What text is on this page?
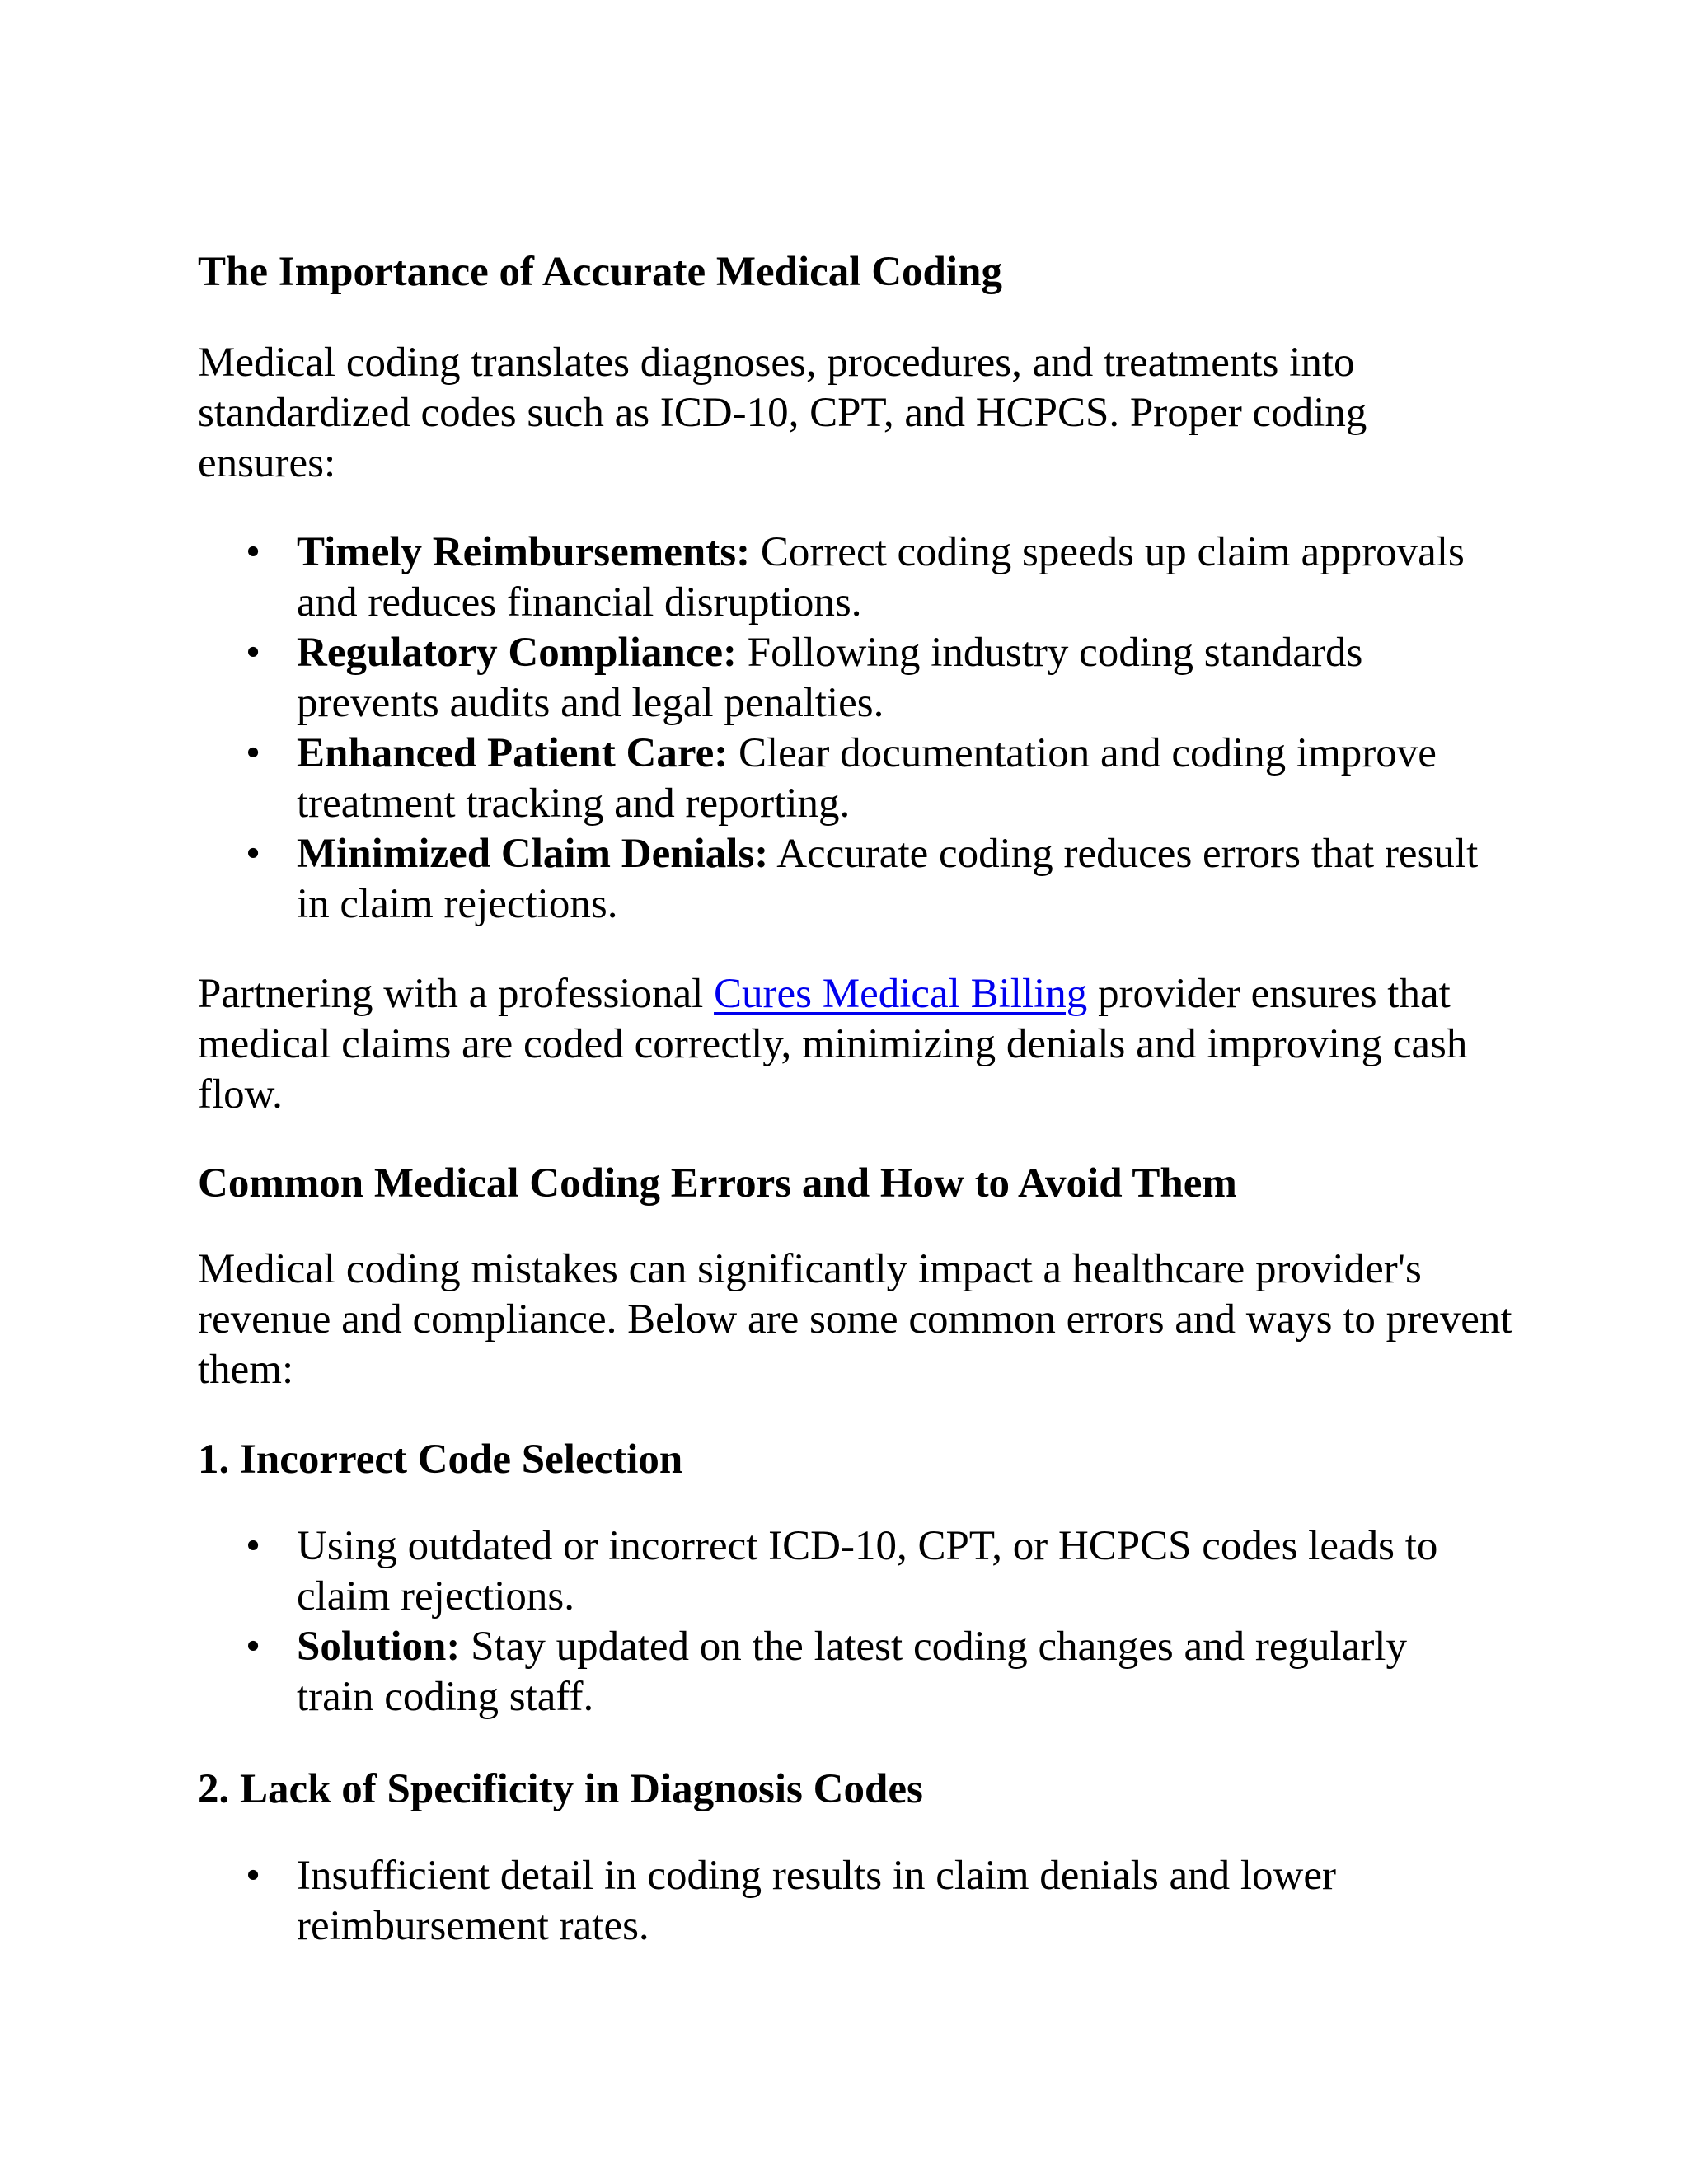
The Importance of Accurate Medical Coding

Medical coding translates diagnoses, procedures, and treatments into standardized codes such as ICD-10, CPT, and HCPCS. Proper coding ensures:

• Timely Reimbursements: Correct coding speeds up claim approvals and reduces financial disruptions.
• Regulatory Compliance: Following industry coding standards prevents audits and legal penalties.
• Enhanced Patient Care: Clear documentation and coding improve treatment tracking and reporting.
• Minimized Claim Denials: Accurate coding reduces errors that result in claim rejections.

Partnering with a professional Cures Medical Billing provider ensures that medical claims are coded correctly, minimizing denials and improving cash flow.

Common Medical Coding Errors and How to Avoid Them

Medical coding mistakes can significantly impact a healthcare provider's revenue and compliance. Below are some common errors and ways to prevent them:

1. Incorrect Code Selection
• Using outdated or incorrect ICD-10, CPT, or HCPCS codes leads to claim rejections.
• Solution: Stay updated on the latest coding changes and regularly train coding staff.
2. Lack of Specificity in Diagnosis Codes
• Insufficient detail in coding results in claim denials and lower reimbursement rates.
